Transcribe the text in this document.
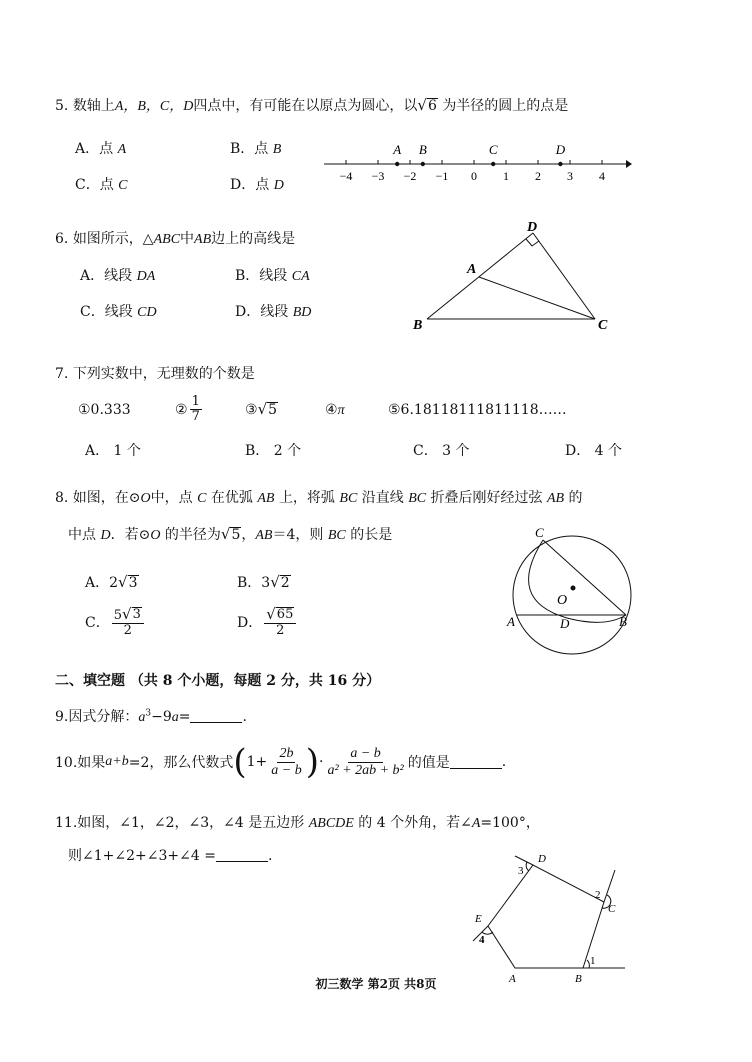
5. 数轴上A，B，C，D四点中，有可能在以原点为圆心，以 √ 6 为半径的圆上的点是
A．点 A	B．点 B
C．点 C	D．点 D
−4 −3 −2 −1 0 1 2 3 4
A B	C	D
6. 如图所示，△ABC中AB边上的高线是
A．线段 DA	B．线段 CA
C．线段 CD	D．线段 BD
D
A
B	C
7. 下列实数中，无理数的个数是
①0.333	② $\frac{1}{7}$	③ √ 5	④π	⑤6.18118111811118……
A． 1 个	B． 2 个	C． 3 个	D． 4 个
8. 如图，在⊙O中，点 C 在优弧 AB 上，将弧 BC 沿直线 BC 折叠后刚好经过弦 AB 的
中点 D．若⊙O 的半径为 √ 5 ，AB＝4，则 BC 的长是
A．2 √ 3	B．3 √ 2
C． $\frac{5 √ 3}{2}$	D． $\frac{√ 65}{2}$
C
O
A	D	B
二、填空题 （共 8 个小题，每题 2 分，共 16 分）
9.因式分解：$a^3-9a=$	.
10.如果 a+b =2，那么代数式 ( $1+ \frac{2b}{a - b}$ ) · $\frac{a - b}{\text{a² + 2ab + b²}}$ 的值是	.
11.如图，∠1，∠2，∠3，∠4 是五边形 ABCDE 的 4 个外角，若∠A=100°，
则∠1+∠2+∠3+∠4 =	.
A	B
C
D
E
1
2
3
4
初三数学 第2页 共8页
